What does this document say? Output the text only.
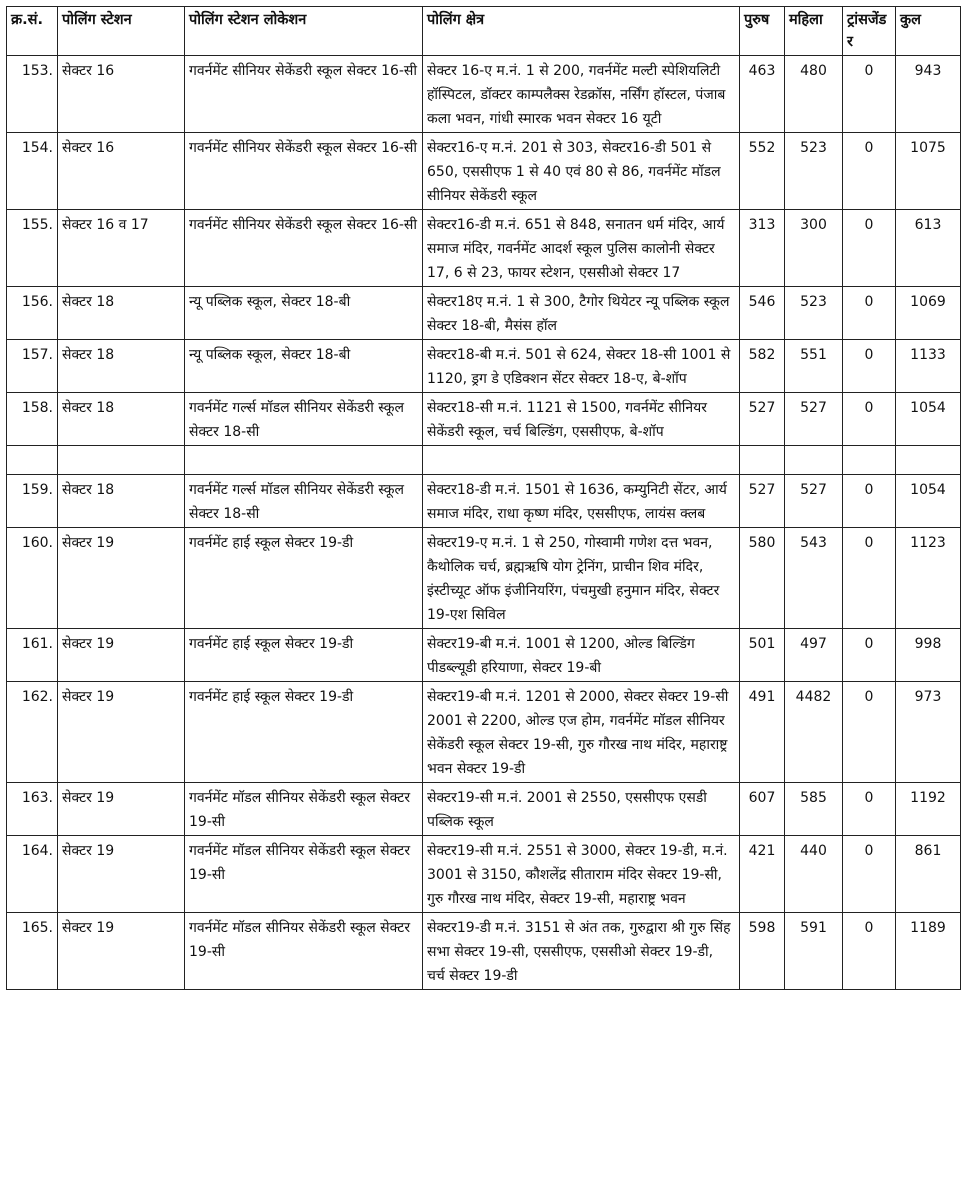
क्र.सं.	पोलिंग स्टेशन	पोलिंग स्टेशन लोकेशन	पोलिंग क्षेत्र	पुरुष	महिला	ट्रांसजेंडर	कुल
153.	सेक्टर 16	गवर्नमेंट सीनियर सेकेंडरी स्कूल सेक्टर 16-सी	सेक्टर 16-ए म.नं. 1 से 200, गवर्नमेंट मल्टी स्पेशियलिटी हॉस्पिटल, डॉक्टर काम्पलैक्स रेडक्रॉस, नर्सिंग हॉस्टल, पंजाब कला भवन, गांधी स्मारक भवन सेक्टर 16 यूटी	463	480	0	943
154.	सेक्टर 16	गवर्नमेंट सीनियर सेकेंडरी स्कूल सेक्टर 16-सी	सेक्टर16-ए म.नं. 201 से 303, सेक्टर16-डी 501 से 650, एससीएफ 1 से 40 एवं 80 से 86, गवर्नमेंट मॉडल सीनियर सेकेंडरी स्कूल	552	523	0	1075
155.	सेक्टर 16 व 17	गवर्नमेंट सीनियर सेकेंडरी स्कूल सेक्टर 16-सी	सेक्टर16-डी म.नं. 651 से 848, सनातन धर्म मंदिर, आर्य समाज मंदिर, गवर्नमेंट आदर्श स्कूल पुलिस कालोनी सेक्टर 17, 6 से 23, फायर स्टेशन, एससीओ सेक्टर 17	313	300	0	613
156.	सेक्टर 18	न्यू पब्लिक स्कूल, सेक्टर 18-बी	सेक्टर18ए म.नं. 1 से 300, टैगोर थियेटर न्यू पब्लिक स्कूल सेक्टर 18-बी, मैसंस हॉल	546	523	0	1069
157.	सेक्टर 18	न्यू पब्लिक स्कूल, सेक्टर 18-बी	सेक्टर18-बी म.नं. 501 से 624, सेक्टर 18-सी 1001 से 1120, ड्रग डे एडिक्शन सेंटर सेक्टर 18-ए, बे-शॉप	582	551	0	1133
158.	सेक्टर 18	गवर्नमेंट गर्ल्स मॉडल सीनियर सेकेंडरी स्कूल सेक्टर 18-सी	सेक्टर18-सी म.नं. 1121 से 1500, गवर्नमेंट सीनियर सेकेंडरी स्कूल, चर्च बिल्डिंग, एससीएफ, बे-शॉप	527	527	0	1054

159.	सेक्टर 18	गवर्नमेंट गर्ल्स मॉडल सीनियर सेकेंडरी स्कूल सेक्टर 18-सी	सेक्टर18-डी म.नं. 1501 से 1636, कम्युनिटी सेंटर, आर्य समाज मंदिर, राधा कृष्ण मंदिर, एससीएफ, लायंस क्लब	527	527	0	1054
160.	सेक्टर 19	गवर्नमेंट हाई स्कूल सेक्टर 19-डी	सेक्टर19-ए म.नं. 1 से 250, गोस्वामी गणेश दत्त भवन, कैथोलिक चर्च, ब्रह्मऋषि योग ट्रेनिंग, प्राचीन शिव मंदिर, इंस्टीच्यूट ऑफ इंजीनियरिंग, पंचमुखी हनुमान मंदिर, सेक्टर 19-एश सिविल	580	543	0	1123
161.	सेक्टर 19	गवर्नमेंट हाई स्कूल सेक्टर 19-डी	सेक्टर19-बी म.नं. 1001 से 1200, ओल्ड बिल्डिंग पीडब्ल्यूडी हरियाणा, सेक्टर 19-बी	501	497	0	998
162.	सेक्टर 19	गवर्नमेंट हाई स्कूल सेक्टर 19-डी	सेक्टर19-बी म.नं. 1201 से 2000, सेक्टर सेक्टर 19-सी 2001 से 2200, ओल्ड एज होम, गवर्नमेंट मॉडल सीनियर सेकेंडरी स्कूल सेक्टर 19-सी, गुरु गौरख नाथ मंदिर, महाराष्ट्र भवन सेक्टर 19-डी	491	4482	0	973
163.	सेक्टर 19	गवर्नमेंट मॉडल सीनियर सेकेंडरी स्कूल सेक्टर 19-सी	सेक्टर19-सी म.नं. 2001 से 2550, एससीएफ एसडी पब्लिक स्कूल	607	585	0	1192
164.	सेक्टर 19	गवर्नमेंट मॉडल सीनियर सेकेंडरी स्कूल सेक्टर 19-सी	सेक्टर19-सी म.नं. 2551 से 3000, सेक्टर 19-डी, म.नं. 3001 से 3150, कौशलेंद्र सीताराम मंदिर सेक्टर 19-सी, गुरु गौरख नाथ मंदिर, सेक्टर 19-सी, महाराष्ट्र भवन	421	440	0	861
165.	सेक्टर 19	गवर्नमेंट मॉडल सीनियर सेकेंडरी स्कूल सेक्टर 19-सी	सेक्टर19-डी म.नं. 3151 से अंत तक, गुरुद्वारा श्री गुरु सिंह सभा सेक्टर 19-सी, एससीएफ, एससीओ सेक्टर 19-डी, चर्च सेक्टर 19-डी	598	591	0	1189
